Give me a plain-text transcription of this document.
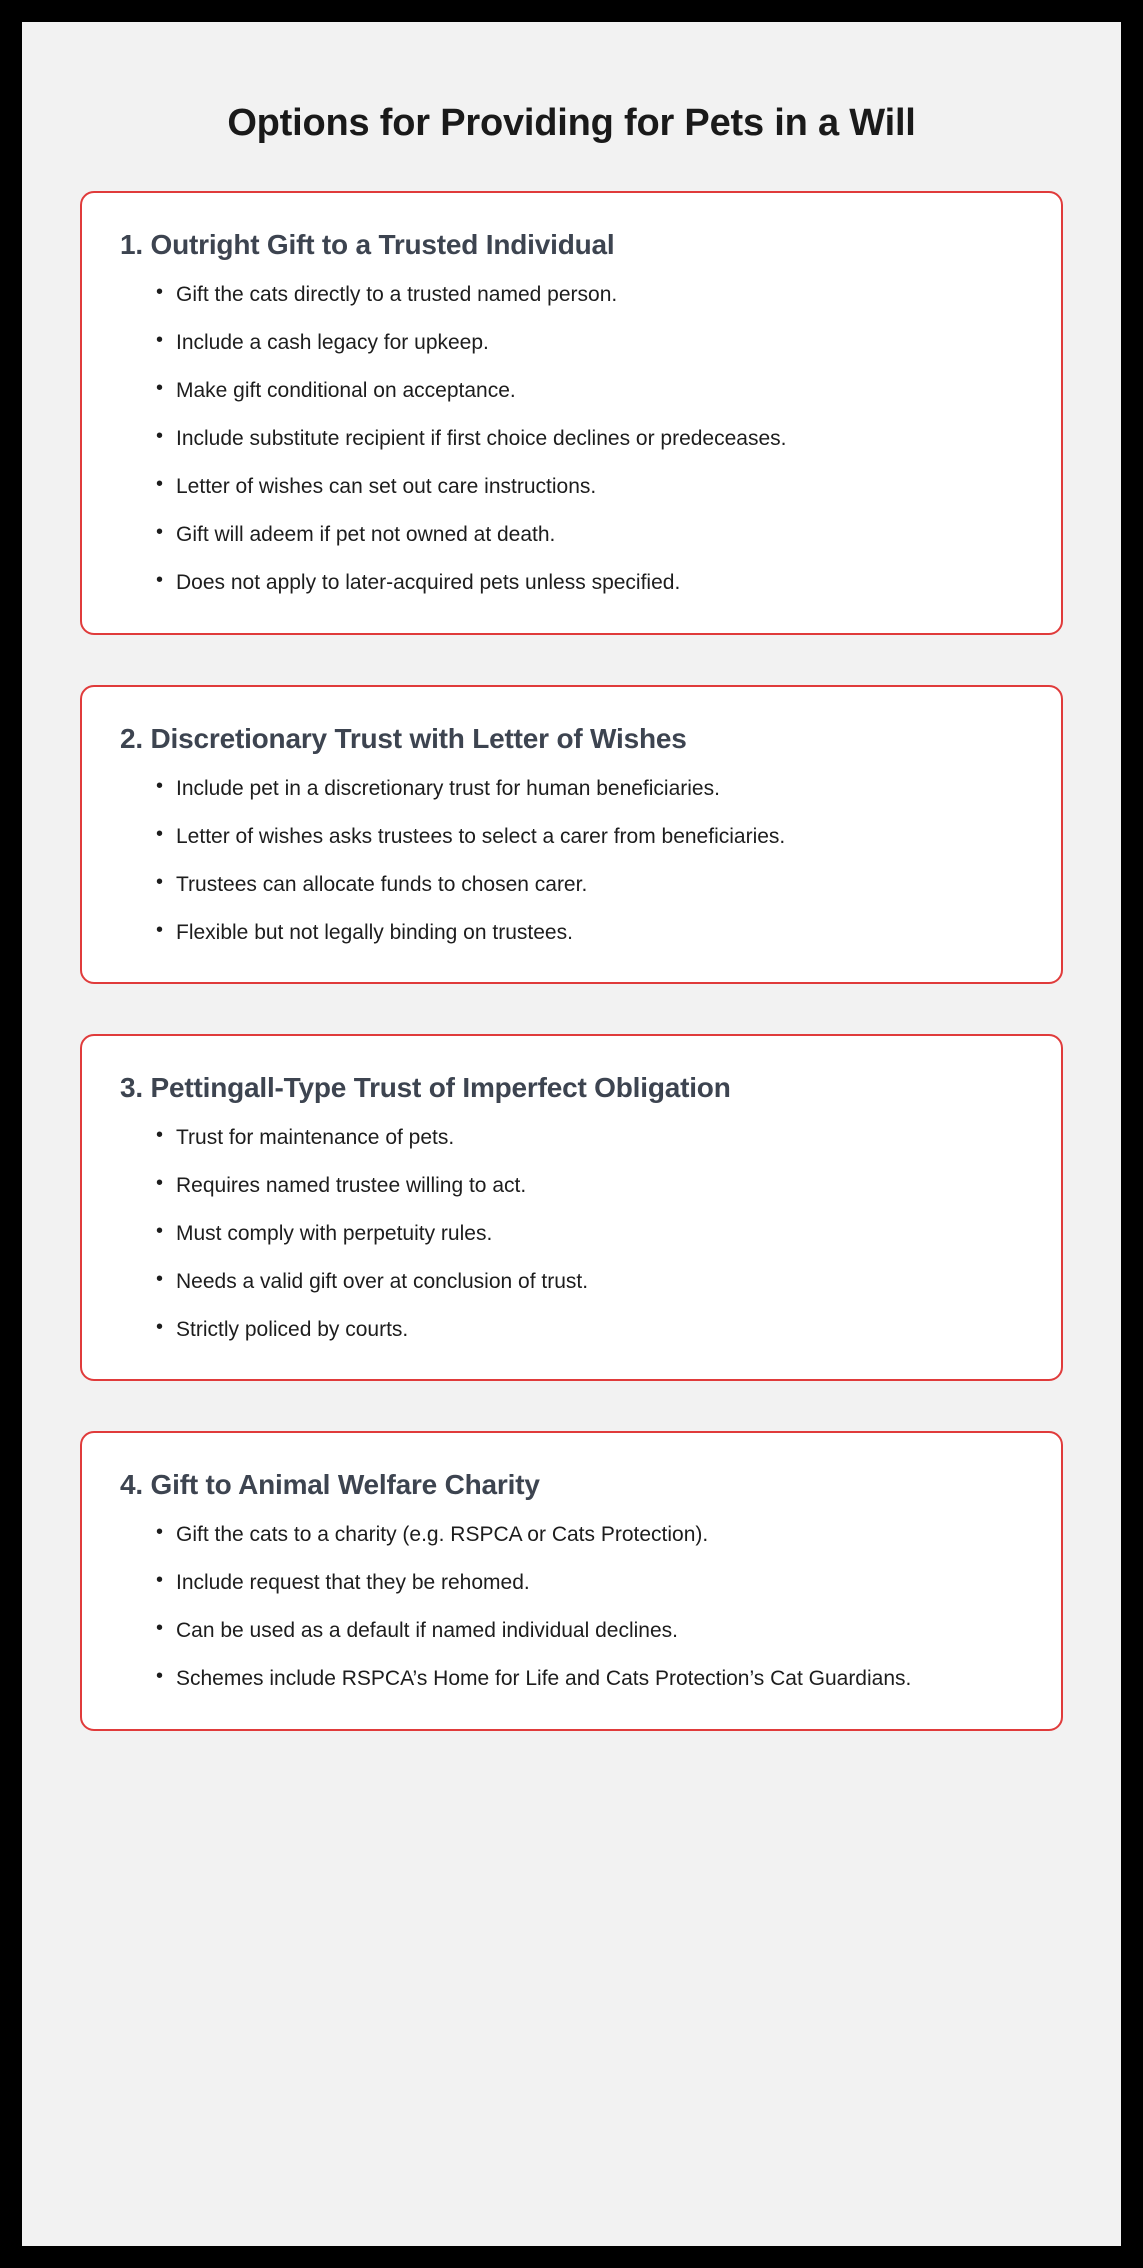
Options for Providing for Pets in a Will
1. Outright Gift to a Trusted Individual
• Gift the cats directly to a trusted named person.
• Include a cash legacy for upkeep.
• Make gift conditional on acceptance.
• Include substitute recipient if first choice declines or predeceases.
• Letter of wishes can set out care instructions.
• Gift will adeem if pet not owned at death.
• Does not apply to later-acquired pets unless specified.
2. Discretionary Trust with Letter of Wishes
• Include pet in a discretionary trust for human beneficiaries.
• Letter of wishes asks trustees to select a carer from beneficiaries.
• Trustees can allocate funds to chosen carer.
• Flexible but not legally binding on trustees.
3. Pettingall-Type Trust of Imperfect Obligation
• Trust for maintenance of pets.
• Requires named trustee willing to act.
• Must comply with perpetuity rules.
• Needs a valid gift over at conclusion of trust.
• Strictly policed by courts.
4. Gift to Animal Welfare Charity
• Gift the cats to a charity (e.g. RSPCA or Cats Protection).
• Include request that they be rehomed.
• Can be used as a default if named individual declines.
• Schemes include RSPCA’s Home for Life and Cats Protection’s Cat Guardians.
